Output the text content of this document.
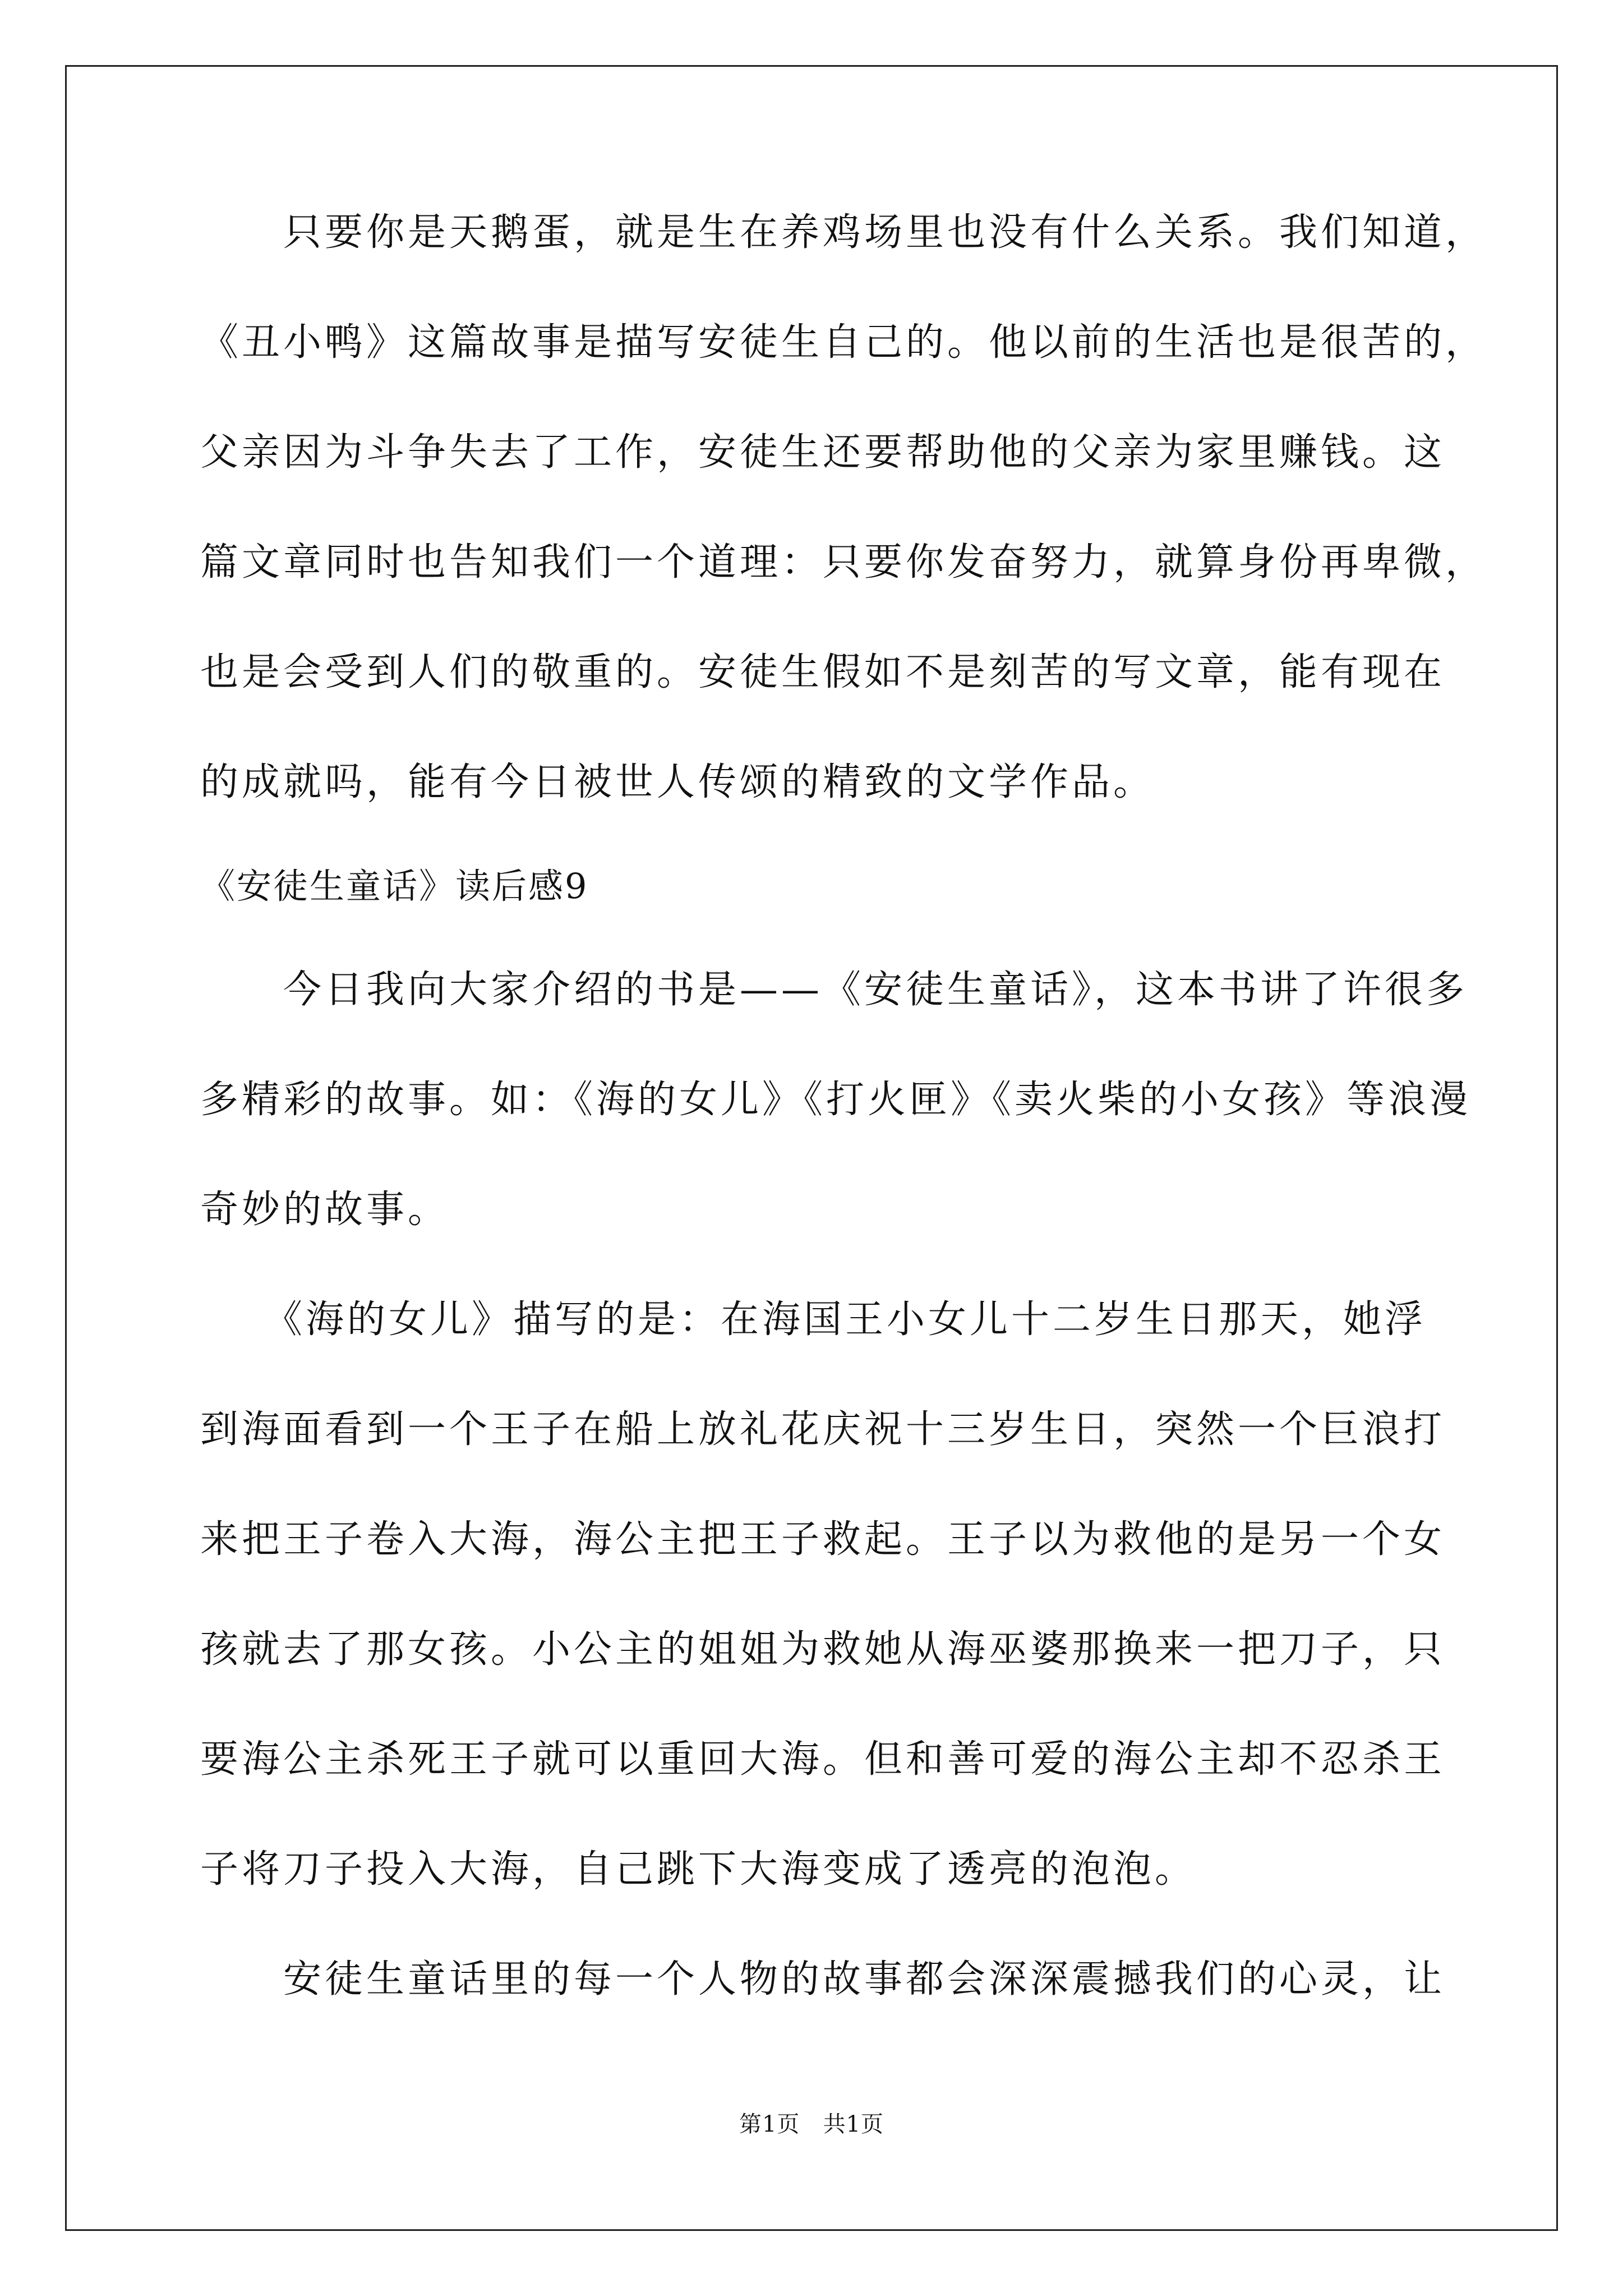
　　只要你是天鹅蛋，就是生在养鸡场里也没有什么关系。我们知道，
《丑小鸭》这篇故事是描写安徒生自己的。他以前的生活也是很苦的，
父亲因为斗争失去了工作，安徒生还要帮助他的父亲为家里赚钱。这
篇文章同时也告知我们一个道理：只要你发奋努力，就算身份再卑微，
也是会受到人们的敬重的。安徒生假如不是刻苦的写文章，能有现在
的成就吗，能有今日被世人传颂的精致的文学作品。
《安徒生童话》读后感9
　　今日我向大家介绍的书是——《安徒生童话》，这本书讲了许很多
多精彩的故事。如：《海的女儿》《打火匣》《卖火柴的小女孩》等浪漫
奇妙的故事。
　　《海的女儿》描写的是：在海国王小女儿十二岁生日那天，她浮
到海面看到一个王子在船上放礼花庆祝十三岁生日，突然一个巨浪打
来把王子卷入大海，海公主把王子救起。王子以为救他的是另一个女
孩就去了那女孩。小公主的姐姐为救她从海巫婆那换来一把刀子，只
要海公主杀死王子就可以重回大海。但和善可爱的海公主却不忍杀王
子将刀子投入大海，自己跳下大海变成了透亮的泡泡。
　　安徒生童话里的每一个人物的故事都会深深震撼我们的心灵，让
第1页 共1页
